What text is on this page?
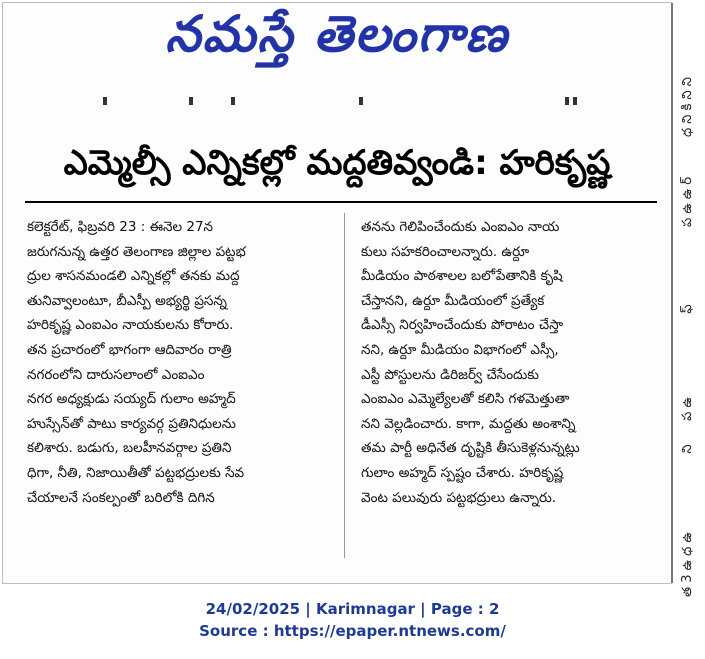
నమస్తే తెలంగాణ
ఎమ్మెల్సీ ఎన్నికల్లో మద్దతివ్వండి: హరికృష్ణ
కలెక్టరేట్, ఫిబ్రవరి 23 : ఈనెల 27న
జరుగనున్న ఉత్తర తెలంగాణ జిల్లాల పట్టభ
ద్రుల శాసనమండలి ఎన్నికల్లో తనకు మద్ద
తునివ్వాలంటూ, బీఎస్పీ అభ్యర్థి ప్రసన్న
హరికృష్ణ ఎంఐఎం నాయకులను కోరారు.
తన ప్రచారంలో భాగంగా ఆదివారం రాత్రి
నగరంలోని దారుసలాంలో ఎంఐఎం
నగర అధ్యక్షుడు సయ్యద్ గులాం అహ్మద్
హుస్సేన్‌తో పాటు కార్యవర్గ ప్రతినిధులను
కలిశారు. బడుగు, బలహీనవర్గాల ప్రతిని
ధిగా, నీతి, నిజాయితీతో పట్టభద్రులకు సేవ
చేయాలనే సంకల్పంతో బరిలోకి దిగిన
తనను గెలిపించేందుకు ఎంఐఎం నాయ
కులు సహకరించాలన్నారు. ఉర్దూ
మీడియం పాఠశాలల బలోపేతానికి కృషి
చేస్తానని, ఉర్దూ మీడియంలో ప్రత్యేక
డీఎస్సీ నిర్వహించేందుకు పోరాటం చేస్తా
నని, ఉర్దూ మీడియం విభాగంలో ఎస్సీ,
ఎస్టీ పోస్టులను డిరిజర్వ్ చేసేందుకు
ఎంఐఎం ఎమ్మెల్యేలతో కలిసి గళమెత్తుతా
నని వెల్లడించారు. కాగా, మద్దతు అంశాన్ని
తమ పార్టీ అధినేత దృష్టికి తీసుకెళ్లనున్నట్లు
గులాం అహ్మద్ స్పష్టం చేశారు. హరికృష్ణ
వెంట పలువురు పట్టభద్రులు ఉన్నారు.
ధ ని కి ని ని
ప ఉ ఉ ర్
ఫ్
ప ఉ
ని
ధ ఉ
త 3 ఉ
24/02/2025 | Karimnagar | Page : 2
Source : https://epaper.ntnews.com/
